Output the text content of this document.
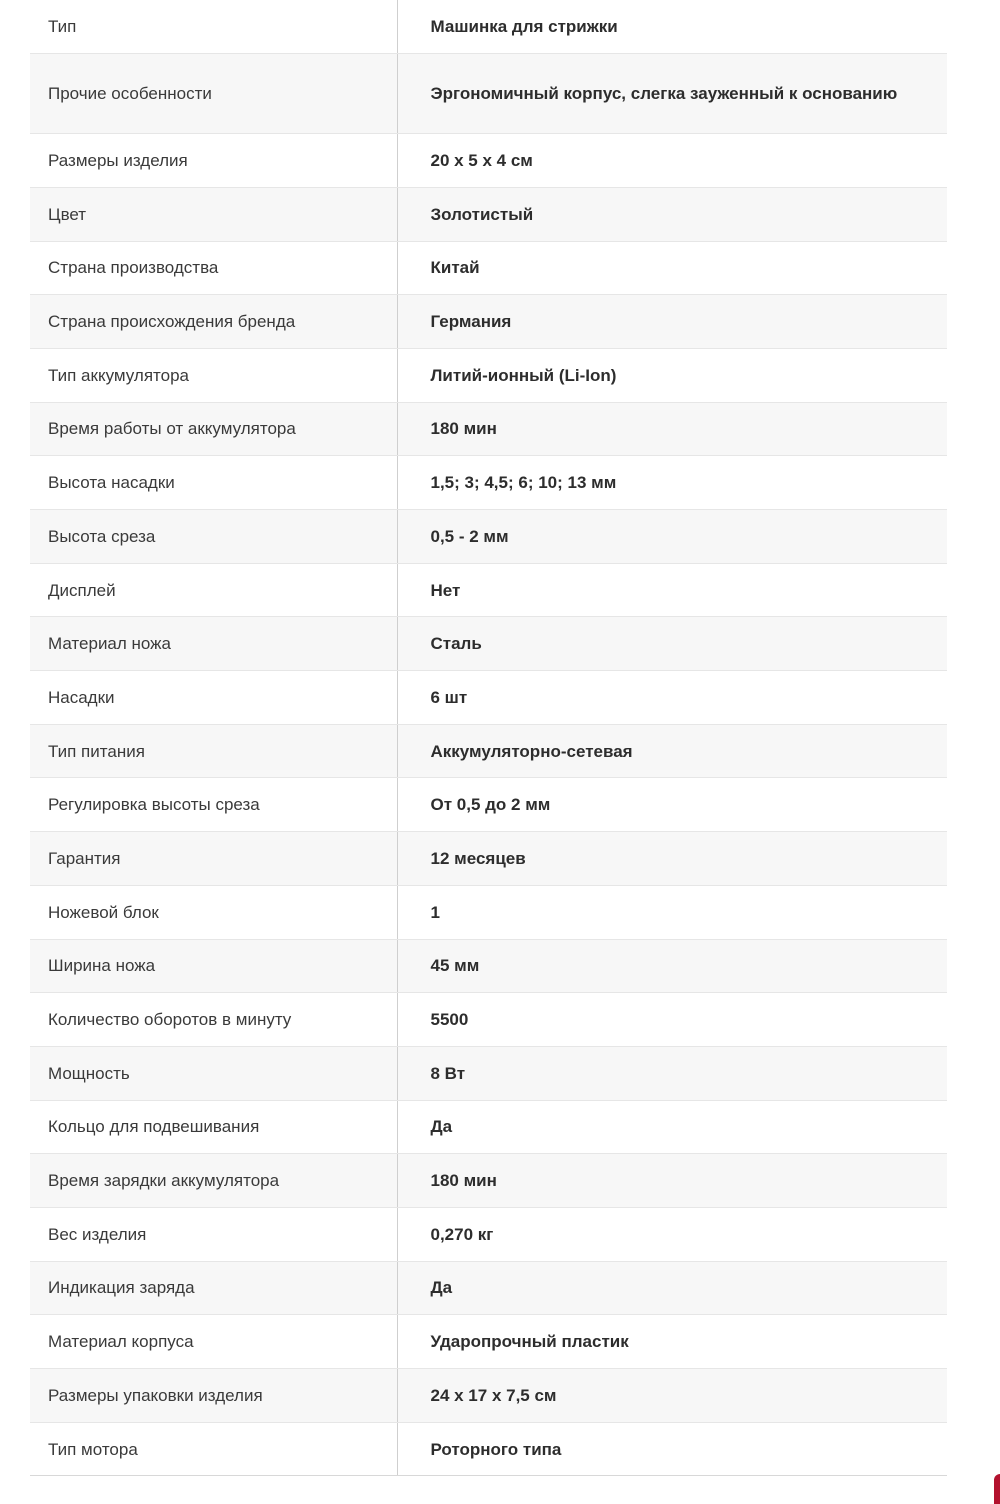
Тип	Машинка для стрижки
Прочие особенности	Эргономичный корпус, слегка зауженный к основанию
Размеры изделия	20 x 5 x 4 см
Цвет	Золотистый
Страна производства	Китай
Страна происхождения бренда	Германия
Тип аккумулятора	Литий-ионный (Li-Ion)
Время работы от аккумулятора	180 мин
Высота насадки	1,5; 3; 4,5; 6; 10; 13 мм
Высота среза	0,5 - 2 мм
Дисплей	Нет
Материал ножа	Сталь
Насадки	6 шт
Тип питания	Аккумуляторно-сетевая
Регулировка высоты среза	От 0,5 до 2 мм
Гарантия	12 месяцев
Ножевой блок	1
Ширина ножа	45 мм
Количество оборотов в минуту	5500
Мощность	8 Вт
Кольцо для подвешивания	Да
Время зарядки аккумулятора	180 мин
Вес изделия	0,270 кг
Индикация заряда	Да
Материал корпуса	Ударопрочный пластик
Размеры упаковки изделия	24 x 17 x 7,5 см
Тип мотора	Роторного типа
